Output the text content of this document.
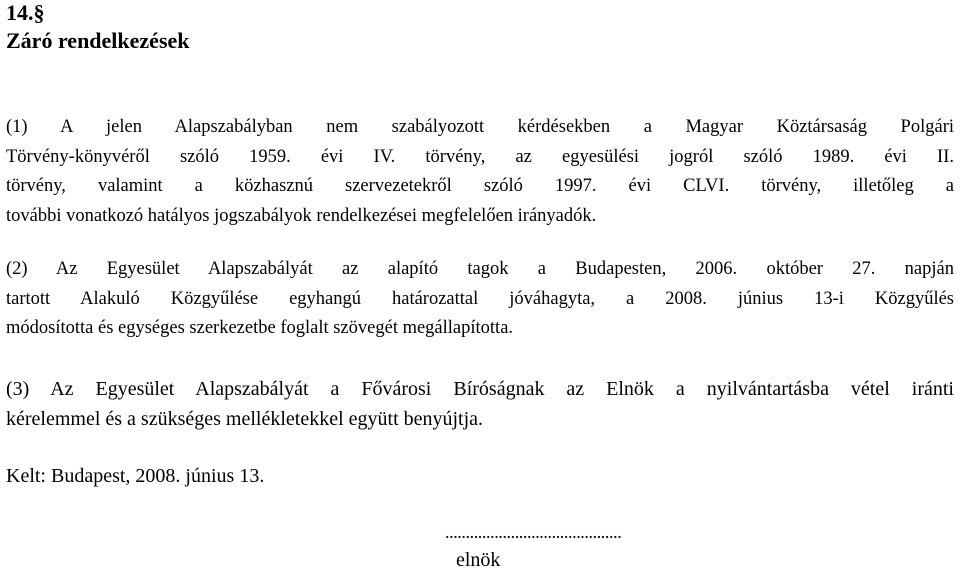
14.§
Záró rendelkezések
(1) A jelen Alapszabályban nem szabályozott kérdésekben a Magyar Köztársaság Polgári
Törvény-könyvéről szóló 1959. évi IV. törvény, az egyesülési jogról szóló 1989. évi II.
törvény, valamint a közhasznú szervezetekről szóló 1997. évi CLVI. törvény, illetőleg a
további vonatkozó hatályos jogszabályok rendelkezései megfelelően irányadók.
(2) Az Egyesület Alapszabályát az alapító tagok a Budapesten, 2006. október 27. napján
tartott Alakuló Közgyűlése egyhangú határozattal jóváhagyta, a 2008. június 13-i Közgyűlés
módosította és egységes szerkezetbe foglalt szövegét megállapította.
(3) Az Egyesület Alapszabályát a Fővárosi Bíróságnak az Elnök a nyilvántartásba vétel iránti
kérelemmel és a szükséges mellékletekkel együtt benyújtja.
Kelt: Budapest, 2008. június 13.
...........................................
elnök
